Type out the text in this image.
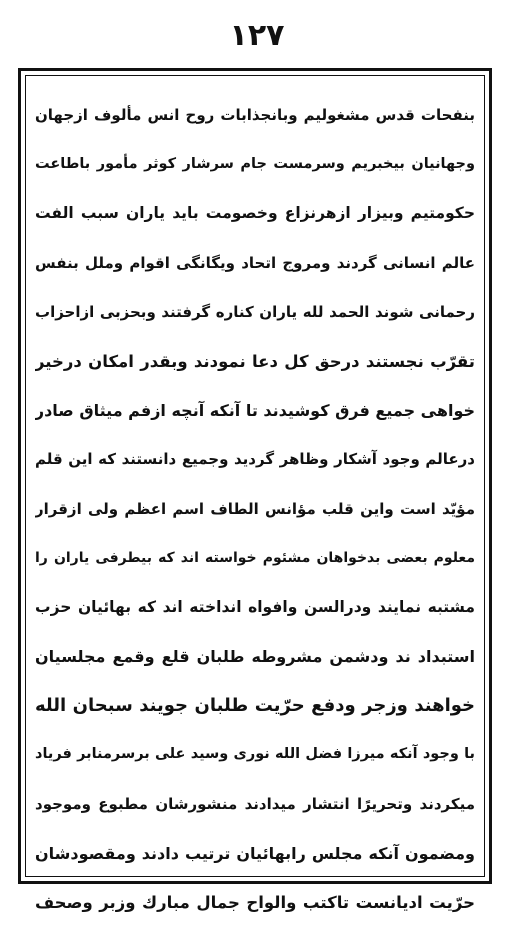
١٢٧
بنفحات قدس مشغوليم وبانجذابات روح انس مألوف ازجهان
وجهانيان بيخبريم وسرمست جام سرشار كوثر مأمور باطاعت
حكومتيم وبيزار ازهرنزاع وخصومت بايد ياران سبب الفت
عالم انسانى گردند ومروج اتحاد ويگانگى اقوام وملل بنفس
رحمانى شوند الحمد لله ياران كناره گرفتند وبحزبى ازاحزاب
تقرّب نجستند درحق كل دعا نمودند وبقدر امكان درخير
خواهى جميع فرق كوشيدند تا آنكه آنچه ازفم ميثاق صادر
درعالم وجود آشكار وظاهر گرديد وجميع دانستند كه اين قلم
مؤيّد است واين قلب مؤانس الطاف اسم اعظم ولى ازقرار
معلوم بعضى بدخواهان مشئوم خواسته اند كه بيطرفى ياران را
مشتبه نمايند ودرالسن وافواه انداخته اند كه بهائيان حزب
استبداد ند ودشمن مشروطه طلبان قلع وقمع مجلسيان
خواهند وزجر ودفع حرّيت طلبان جويند سبحان الله
با وجود آنكه ميرزا فضل الله نورى وسيد على برسرمنابر فرياد
ميكردند وتحريرًا انتشار ميدادند منشورشان مطبوع وموجود
ومضمون آنكه مجلس رابهائيان ترتيب دادند ومقصودشان
حرّيت اديانست تاكتب والواح جمال مبارك وزبر وصحف
